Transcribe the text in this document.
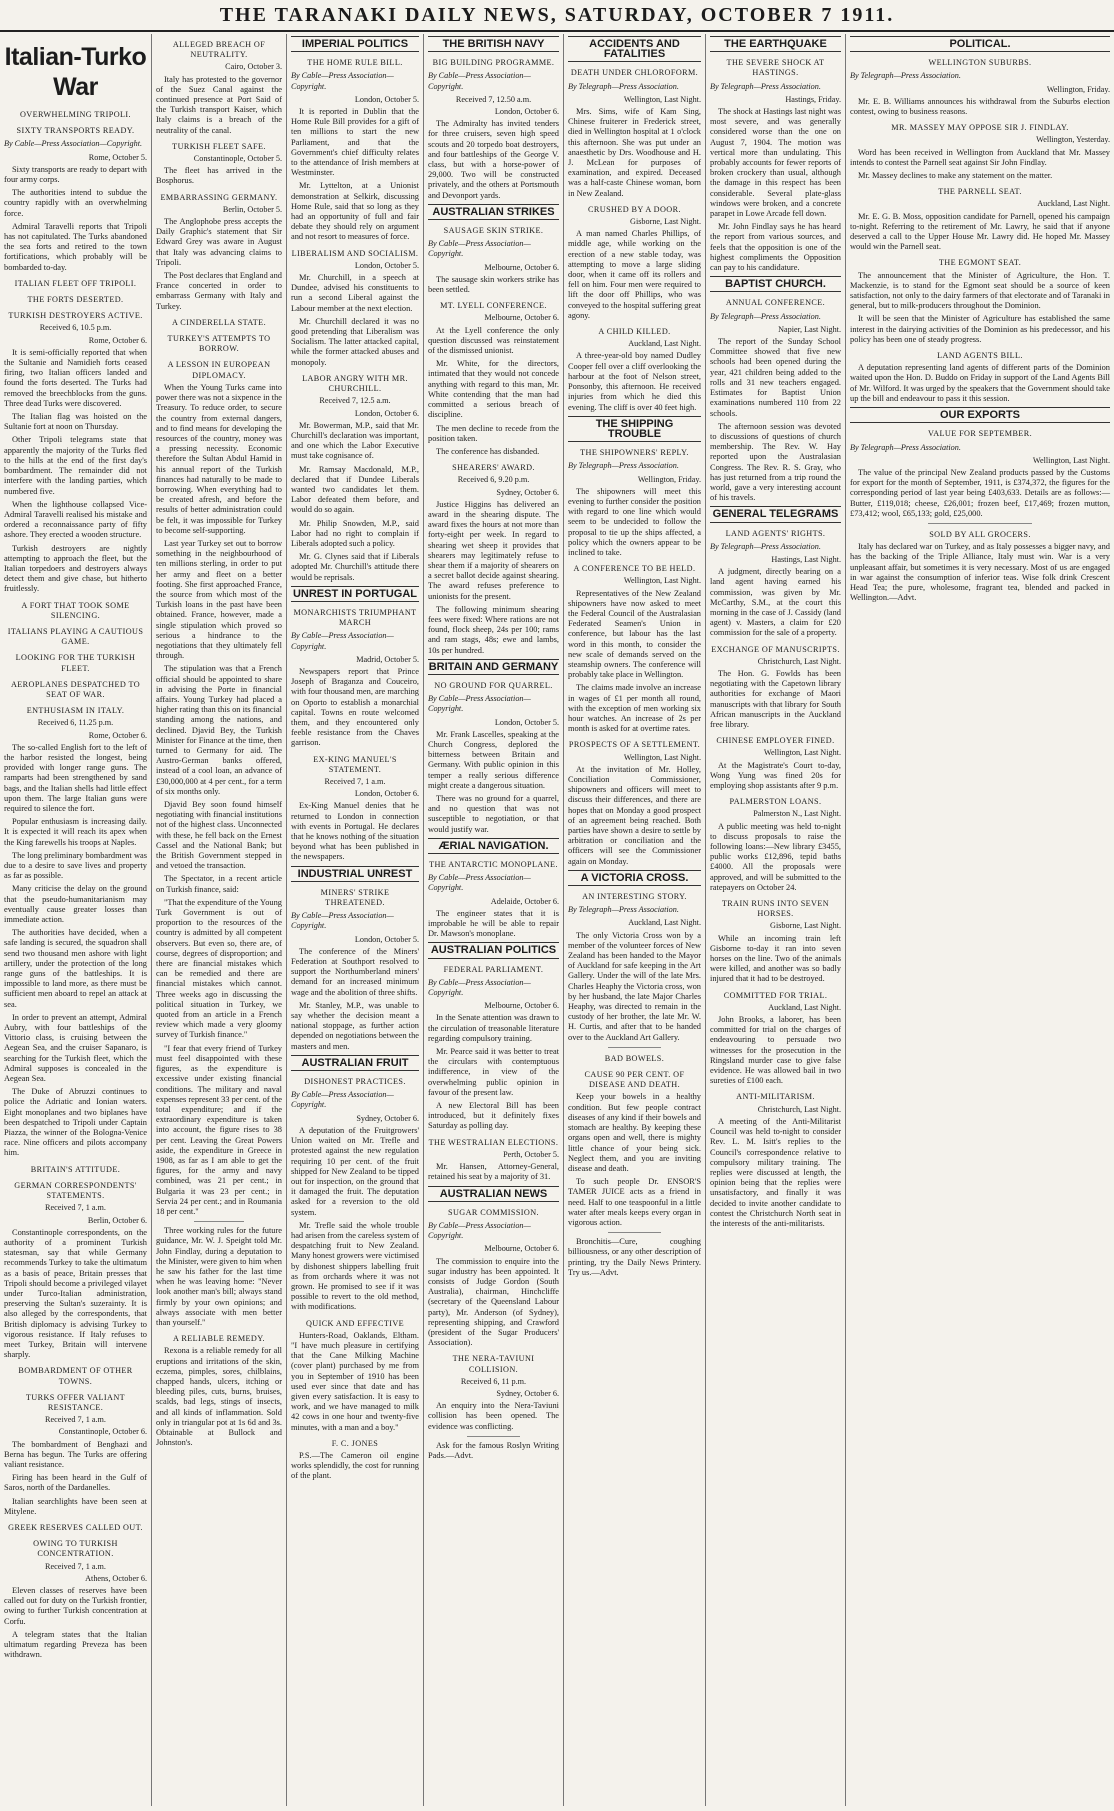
THE TARANAKI DAILY NEWS, SATURDAY, OCTOBER 7 1911.
Italian-Turko War
OVERWHELMING TRIPOLI.
SIXTY TRANSPORTS READY.
By Cable—Press Association—Copyright.
Rome, October 5.

Sixty transports are ready to depart with four army corps.

The authorities intend to subdue the country rapidly with an overwhelming force.

Admiral Taravelli reports that Tripoli has not capitulated. The Turks abandoned the sea forts and retired to the town fortifications, which probably will be bombarded to-day.

ITALIAN FLEET OFF TRIPOLI.
THE FORTS DESERTED.
TURKISH DESTROYERS ACTIVE.
Received 6, 10.5 p.m.
Rome, October 6.

It is semi-officially reported that when the Sultanie and Namidieh forts ceased firing, two Italian officers landed and found the forts deserted. The Turks had removed the breechblocks from the guns. Three dead Turks were discovered.

The Italian flag was hoisted on the Sultanie fort at noon on Thursday.

Other Tripoli telegrams state that apparently the majority of the Turks fled to the hills at the end of the first day's bombardment. The remainder did not interfere with the landing parties, which numbered five.

When the lighthouse collapsed Vice-Admiral Taravelli realised his mistake and ordered a reconnaissance party of fifty ashore. They erected a wooden structure.

Turkish destroyers are nightly attempting to approach the fleet, but the Italian torpedoers and destroyers always detect them and give chase, but hitherto fruitlessly.

A FORT THAT TOOK SOME SILENCING.
ITALIANS PLAYING A CAUTIOUS GAME.
LOOKING FOR THE TURKISH FLEET.
AEROPLANES DESPATCHED TO SEAT OF WAR.
ENTHUSIASM IN ITALY.
Received 6, 11.25 p.m.
Rome, October 6.

The so-called English fort to the left of the harbor resisted the longest, being provided with longer range guns. The ramparts had been strengthened by sand bags, and the Italian shells had little effect upon them. The large Italian guns were required to silence the fort.

Popular enthusiasm is increasing daily. It is expected it will reach its apex when the King farewells his troops at Naples.

The long preliminary bombardment was due to a desire to save lives and property as far as possible.

Many criticise the delay on the ground that the pseudo-humanitarianism may eventually cause greater losses than immediate action.

The authorities have decided, when a safe landing is secured, the squadron shall send two thousand men ashore with light artillery, under the protection of the long range guns of the battleships. It is impossible to land more, as there must be sufficient men aboard to repel an attack at sea.

In order to prevent an attempt, Admiral Aubry, with four battleships of the Vittorio class, is cruising between the Aegean Sea, and the cruiser Sapanaro, is searching for the Turkish fleet, which the Admiral supposes is concealed in the Aegean Sea.

The Duke of Abruzzi continues to police the Adriatic and Ionian waters. Eight monoplanes and two biplanes have been despatched to Tripoli under Captain Piazza, the winner of the Bologna-Venice race. Nine officers and pilots accompany him.

BRITAIN'S ATTITUDE.
GERMAN CORRESPONDENTS' STATEMENTS.
Received 7, 1 a.m.
Berlin, October 6.

Constantinople correspondents, on the authority of a prominent Turkish statesman, say that while Germany recommends Turkey to take the ultimatum as a basis of peace, Britain presses that Tripoli should become a privileged vilayet under Turco-Italian administration, preserving the Sultan's suzerainty. It is also alleged by the correspondents, that British diplomacy is advising Turkey to vigorous resistance. If Italy refuses to meet Turkey, Britain will intervene sharply.

BOMBARDMENT OF OTHER TOWNS.
TURKS OFFER VALIANT RESISTANCE.
Received 7, 1 a.m.
Constantinople, October 6.

The bombardment of Benghazi and Berna has begun. The Turks are offering valiant resistance.

Firing has been heard in the Gulf of Saros, north of the Dardanelles.

Italian searchlights have been seen at Mitylene.

GREEK RESERVES CALLED OUT.
OWING TO TURKISH CONCENTRATION.
Received 7, 1 a.m.
Athens, October 6.

Eleven classes of reserves have been called out for duty on the Turkish frontier, owing to further Turkish concentration at Corfu.

A telegram states that the Italian ultimatum regarding Preveza has been withdrawn.

ALLEGED BREACH OF NEUTRALITY.
Cairo, October 3.

Italy has protested to the governor of the Suez Canal against the continued presence at Port Said of the Turkish transport Kaiser, which Italy claims is a breach of the neutrality of the canal.

TURKISH FLEET SAFE.
Constantinople, October 5.

The fleet has arrived in the Bosphorus.

EMBARRASSING GERMANY.
Berlin, October 5.

The Anglophobe press accepts the Daily Graphic's statement that Sir Edward Grey was aware in August that Italy was advancing claims to Tripoli.

The Post declares that England and France concerted in order to embarrass Germany with Italy and Turkey.

A CINDERELLA STATE.
TURKEY'S ATTEMPTS TO BORROW.
A LESSON IN EUROPEAN DIPLOMACY.

When the Young Turks came into power there was not a sixpence in the Treasury. To reduce order, to secure the country from external dangers, and to find means for developing the resources of the country, money was a pressing necessity. Economic therefore the Sultan Abdul Hamid in his annual report of the Turkish finances had naturally to be made to borrowing. When everything had to be created afresh, and before the results of better administration could be felt, it was impossible for Turkey to become self-supporting.

Last year Turkey set out to borrow something in the neighbourhood of ten millions sterling, in order to put her army and fleet on a better footing. She first approached France, the source from which most of the Turkish loans in the past have been obtained. France, however, made a single stipulation which proved so serious a hindrance to the negotiations that they ultimately fell through.

The stipulation was that a French official should be appointed to share in advising the Porte in financial affairs. Young Turkey had placed a higher rating than this on its financial standing among the nations, and declined. Djavid Bey, the Turkish Minister for Finance at the time, then turned to Germany for aid. The Austro-German banks offered, instead of a cool loan, an advance of £30,000,000 at 4 per cent., for a term of six months only.

Djavid Bey soon found himself negotiating with financial institutions not of the highest class. Unconnected with these, he fell back on the Ernest Cassel and the National Bank; but the British Government stepped in and vetoed the transaction.

The Spectator, in a recent article on Turkish finance, said:

"That the expenditure of the Young Turk Government is out of proportion to the resources of the country is admitted by all competent observers. But even so, there are, of course, degrees of disproportion; and there are financial mistakes which can be remedied and there are financial mistakes which cannot. Three weeks ago in discussing the political situation in Turkey, we quoted from an article in a French review which made a very gloomy survey of Turkish finance."

"I fear that every friend of Turkey must feel disappointed with these figures, as the expenditure is excessive under existing financial conditions. The military and naval expenses represent 33 per cent. of the total expenditure; and if the extraordinary expenditure is taken into account, the figure rises to 38 per cent. Leaving the Great Powers aside, the expenditure in Greece in 1908, as far as I am able to get the figures, for the army and navy combined, was 21 per cent.; in Bulgaria it was 23 per cent.; in Servia 24 per cent.; and in Roumania 18 per cent."

Three working rules for the future guidance, Mr. W. J. Speight told Mr. John Findlay, during a deputation to the Minister, were given to him when he saw his father for the last time when he was leaving home: "Never look another man's bill; always stand firmly by your own opinions; and always associate with men better than yourself."

A RELIABLE REMEDY.

Rexona is a reliable remedy for all eruptions and irritations of the skin, eczema, pimples, sores, chilblains, chapped hands, ulcers, itching or bleeding piles, cuts, burns, bruises, scalds, bad legs, stings of insects, and all kinds of inflammation. Sold only in triangular pot at 1s 6d and 3s. Obtainable at Bullock and Johnston's.

IMPERIAL POLITICS
THE HOME RULE BILL.
By Cable—Press Association—Copyright.
London, October 5.

It is reported in Dublin that the Home Rule Bill provides for a gift of ten millions to start the new Parliament, and that the Government's chief difficulty relates to the attendance of Irish members at Westminster.

Mr. Lyttelton, at a Unionist demonstration at Selkirk, discussing Home Rule, said that so long as they had an opportunity of full and fair debate they should rely on argument and not resort to measures of force.

LIBERALISM AND SOCIALISM.
London, October 5.

Mr. Churchill, in a speech at Dundee, advised his constituents to run a second Liberal against the Labour member at the next election.

Mr. Churchill declared it was no good pretending that Liberalism was Socialism. The latter attacked capital, while the former attacked abuses and monopoly.

LABOR ANGRY WITH MR. CHURCHILL.
Received 7, 12.5 a.m.
London, October 6.

Mr. Bowerman, M.P., said that Mr. Churchill's declaration was important, and one which the Labor Executive must take cognisance of.

Mr. Ramsay Macdonald, M.P., declared that if Dundee Liberals wanted two candidates let them. Labor defeated them before, and would do so again.

Mr. Philip Snowden, M.P., said Labor had no right to complain if Liberals adopted such a policy.

Mr. G. Clynes said that if Liberals adopted Mr. Churchill's attitude there would be reprisals.

UNREST IN PORTUGAL
MONARCHISTS TRIUMPHANT MARCH
By Cable—Press Association—Copyright.
Madrid, October 5.

Newspapers report that Prince Joseph of Braganza and Couceiro, with four thousand men, are marching on Oporto to establish a monarchial capital. Towns en route welcomed them, and they encountered only feeble resistance from the Chaves garrison.

EX-KING MANUEL'S STATEMENT.
Received 7, 1 a.m.
London, October 6.

Ex-King Manuel denies that he returned to London in connection with events in Portugal. He declares that he knows nothing of the situation beyond what has been published in the newspapers.

INDUSTRIAL UNREST
MINERS' STRIKE THREATENED.
By Cable—Press Association—Copyright.
London, October 5.

The conference of the Miners' Federation at Southport resolved to support the Northumberland miners' demand for an increased minimum wage and the abolition of three shifts.

Mr. Stanley, M.P., was unable to say whether the decision meant a national stoppage, as further action depended on negotiations between the masters and men.

AUSTRALIAN FRUIT
DISHONEST PRACTICES.
By Cable—Press Association—Copyright.
Sydney, October 6.

A deputation of the Fruitgrowers' Union waited on Mr. Trefle and protested against the new regulation requiring 10 per cent. of the fruit shipped for New Zealand to be tipped out for inspection, on the ground that it damaged the fruit. The deputation asked for a reversion to the old system.

Mr. Trefle said the whole trouble had arisen from the careless system of despatching fruit to New Zealand. Many honest growers were victimised by dishonest shippers labelling fruit as from orchards where it was not grown. He promised to see if it was possible to revert to the old method, with modifications.

QUICK AND EFFECTIVE

Hunters-Road, Oaklands, Eltham. "I have much pleasure in certifying that the Cane Milking Machine (cover plant) purchased by me from you in September of 1910 has been used ever since that date and has given every satisfaction. It is easy to work, and we have managed to milk 42 cows in one hour and twenty-five minutes, with a man and a boy."

F. C. JONES

P.S.—The Cameron oil engine works splendidly, the cost for running of the plant.

THE BRITISH NAVY
BIG BUILDING PROGRAMME.
By Cable—Press Association—Copyright.
Received 7, 12.50 a.m.
London, October 6.

The Admiralty has invited tenders for three cruisers, seven high speed scouts and 20 torpedo boat destroyers, and four battleships of the George V. class, but with a horse-power of 29,000. Two will be constructed privately, and the others at Portsmouth and Devonport yards.

AUSTRALIAN STRIKES
SAUSAGE SKIN STRIKE.
By Cable—Press Association—Copyright.
Melbourne, October 6.

The sausage skin workers strike has been settled.

MT. LYELL CONFERENCE.
Melbourne, October 6.

At the Lyell conference the only question discussed was reinstatement of the dismissed unionist.

Mr. White, for the directors, intimated that they would not concede anything with regard to this man, Mr. White contending that the man had committed a serious breach of discipline.

The men decline to recede from the position taken.

The conference has disbanded.

SHEARERS' AWARD.
Received 6, 9.20 p.m.
Sydney, October 6.

Justice Higgins has delivered an award in the shearing dispute. The award fixes the hours at not more than forty-eight per week. In regard to shearing wet sheep it provides that shearers may legitimately refuse to shear them if a majority of shearers on a secret ballot decide against shearing. The award refuses preference to unionists for the present.

The following minimum shearing fees were fixed: Where rations are not found, flock sheep, 24s per 100; rams and ram stags, 48s; ewe and lambs, 10s per hundred.

BRITAIN AND GERMANY
NO GROUND FOR QUARREL.
By Cable—Press Association—Copyright.
London, October 5.

Mr. Frank Lascelles, speaking at the Church Congress, deplored the bitterness between Britain and Germany. With public opinion in this temper a really serious difference might create a dangerous situation.

There was no ground for a quarrel, and no question that was not susceptible to negotiation, or that would justify war.

ÆRIAL NAVIGATION.
THE ANTARCTIC MONOPLANE.
By Cable—Press Association—Copyright.
Adelaide, October 6.

The engineer states that it is improbable he will be able to repair Dr. Mawson's monoplane.

AUSTRALIAN POLITICS
FEDERAL PARLIAMENT.
By Cable—Press Association—Copyright.
Melbourne, October 6.

In the Senate attention was drawn to the circulation of treasonable literature regarding compulsory training.

Mr. Pearce said it was better to treat the circulars with contemptuous indifference, in view of the overwhelming public opinion in favour of the present law.

A new Electoral Bill has been introduced, but it definitely fixes Saturday as polling day.

THE WESTRALIAN ELECTIONS.
Perth, October 5.

Mr. Hansen, Attorney-General, retained his seat by a majority of 31.

AUSTRALIAN NEWS
SUGAR COMMISSION.
By Cable—Press Association—Copyright.
Melbourne, October 6.

The commission to enquire into the sugar industry has been appointed. It consists of Judge Gordon (South Australia), chairman, Hinchcliffe (secretary of the Queensland Labour party), Mr. Anderson (of Sydney), representing shipping, and Crawford (president of the Sugar Producers' Association).

THE NERA-TAVIUNI COLLISION.
Received 6, 11 p.m.
Sydney, October 6.

An enquiry into the Nera-Taviuni collision has been opened. The evidence was conflicting.

Ask for the famous Roslyn Writing Pads.—Advt.

ACCIDENTS AND FATALITIES
DEATH UNDER CHLOROFORM.
By Telegraph—Press Association.
Wellington, Last Night.

Mrs. Sims, wife of Kam Sing, Chinese fruiterer in Frederick street, died in Wellington hospital at 1 o'clock this afternoon. She was put under an anaesthetic by Drs. Woodhouse and H. J. McLean for purposes of examination, and expired. Deceased was a half-caste Chinese woman, born in New Zealand.

CRUSHED BY A DOOR.
Gisborne, Last Night.

A man named Charles Phillips, of middle age, while working on the erection of a new stable today, was attempting to move a large sliding door, when it came off its rollers and fell on him. Four men were required to lift the door off Phillips, who was conveyed to the hospital suffering great agony.

A CHILD KILLED.
Auckland, Last Night.

A three-year-old boy named Dudley Cooper fell over a cliff overlooking the harbour at the foot of Nelson street, Ponsonby, this afternoon. He received injuries from which he died this evening. The cliff is over 40 feet high.

THE SHIPPING TROUBLE
THE SHIPOWNERS' REPLY.
By Telegraph—Press Association.
Wellington, Friday.

The shipowners will meet this evening to further consider the position with regard to one line which would seem to be undecided to follow the proposal to tie up the ships affected, a policy which the owners appear to be inclined to take.

A CONFERENCE TO BE HELD.
Wellington, Last Night.

Representatives of the New Zealand shipowners have now asked to meet the Federal Council of the Australasian Federated Seamen's Union in conference, but labour has the last word in this month, to consider the new scale of demands served on the steamship owners. The conference will probably take place in Wellington.

The claims made involve an increase in wages of £1 per month all round, with the exception of men working six hour watches. An increase of 2s per month is asked for at overtime rates.

PROSPECTS OF A SETTLEMENT.
Wellington, Last Night.

At the invitation of Mr. Holley, Conciliation Commissioner, shipowners and officers will meet to discuss their differences, and there are hopes that on Monday a good prospect of an agreement being reached. Both parties have shown a desire to settle by arbitration or conciliation and the officers will see the Commissioner again on Monday.

A VICTORIA CROSS.
AN INTERESTING STORY.
By Telegraph—Press Association.
Auckland, Last Night.

The only Victoria Cross won by a member of the volunteer forces of New Zealand has been handed to the Mayor of Auckland for safe keeping in the Art Gallery. Under the will of the late Mrs. Charles Heaphy the Victoria cross, won by her husband, the late Major Charles Heaphy, was directed to remain in the custody of her brother, the late Mr. W. H. Curtis, and after that to be handed over to the Auckland Art Gallery.

BAD BOWELS.
CAUSE 90 PER CENT. OF DISEASE AND DEATH.

Keep your bowels in a healthy condition. But few people contract diseases of any kind if their bowels and stomach are healthy. By keeping these organs open and well, there is mighty little chance of your being sick. Neglect them, and you are inviting disease and death.

To such people Dr. ENSOR'S TAMER JUICE acts as a friend in need. Half to one teaspoonful in a little water after meals keeps every organ in vigorous action.

Bronchitis—Cure, coughing billiousness, or any other description of printing, try the Daily News Printery. Try us.—Advt.

THE EARTHQUAKE
THE SEVERE SHOCK AT HASTINGS.
By Telegraph—Press Association.
Hastings, Friday.

The shock at Hastings last night was most severe, and was generally considered worse than the one on August 7, 1904. The motion was vertical more than undulating. This probably accounts for fewer reports of broken crockery than usual, although the damage in this respect has been considerable. Several plate-glass windows were broken, and a concrete parapet in Lowe Arcade fell down.

Mr. John Findlay says he has heard the report from various sources, and feels that the opposition is one of the highest compliments the Opposition can pay to his candidature.

BAPTIST CHURCH.
ANNUAL CONFERENCE.
By Telegraph—Press Association.
Napier, Last Night.

The report of the Sunday School Committee showed that five new schools had been opened during the year, 421 children being added to the rolls and 31 new teachers engaged. Estimates for Baptist Union examinations numbered 110 from 22 schools.

The afternoon session was devoted to discussions of questions of church membership. The Rev. W. Hay reported upon the Australasian Congress. The Rev. R. S. Gray, who has just returned from a trip round the world, gave a very interesting account of his travels.

GENERAL TELEGRAMS
LAND AGENTS' RIGHTS.
By Telegraph—Press Association.
Hastings, Last Night.

A judgment, directly bearing on a land agent having earned his commission, was given by Mr. McCarthy, S.M., at the court this morning in the case of J. Cassidy (land agent) v. Masters, a claim for £20 commission for the sale of a property.

EXCHANGE OF MANUSCRIPTS.
Christchurch, Last Night.

The Hon. G. Fowlds has been negotiating with the Capetown library authorities for exchange of Maori manuscripts with that library for South African manuscripts in the Auckland free library.

CHINESE EMPLOYER FINED.
Wellington, Last Night.

At the Magistrate's Court to-day, Wong Yung was fined 20s for employing shop assistants after 9 p.m.

PALMERSTON LOANS.
Palmerston N., Last Night.

A public meeting was held to-night to discuss proposals to raise the following loans:—New library £3455, public works £12,896, tepid baths £4000. All the proposals were approved, and will be submitted to the ratepayers on October 24.

TRAIN RUNS INTO SEVEN HORSES.
Gisborne, Last Night.

While an incoming train left Gisborne to-day it ran into seven horses on the line. Two of the animals were killed, and another was so badly injured that it had to be destroyed.

COMMITTED FOR TRIAL.
Auckland, Last Night.

John Brooks, a laborer, has been committed for trial on the charges of endeavouring to persuade two witnesses for the prosecution in the Ringsland murder case to give false evidence. He was allowed bail in two sureties of £100 each.

ANTI-MILITARISM.
Christchurch, Last Night.

A meeting of the Anti-Militarist Council was held to-night to consider Rev. L. M. Isitt's replies to the Council's correspondence relative to compulsory military training. The replies were discussed at length, the opinion being that the replies were unsatisfactory, and finally it was decided to invite another candidate to contest the Christchurch North seat in the interests of the anti-militarists.

POLITICAL.
WELLINGTON SUBURBS.
By Telegraph—Press Association.
Wellington, Friday.

Mr. E. B. Williams announces his withdrawal from the Suburbs election contest, owing to business reasons.

MR. MASSEY MAY OPPOSE SIR J. FINDLAY.
Wellington, Yesterday.

Word has been received in Wellington from Auckland that Mr. Massey intends to contest the Parnell seat against Sir John Findlay.

Mr. Massey declines to make any statement on the matter.

THE PARNELL SEAT.
Auckland, Last Night.

Mr. E. G. B. Moss, opposition candidate for Parnell, opened his campaign to-night. Referring to the retirement of Mr. Lawry, he said that if anyone deserved a call to the Upper House Mr. Lawry did. He hoped Mr. Massey would win the Parnell seat.

THE EGMONT SEAT.

The announcement that the Minister of Agriculture, the Hon. T. Mackenzie, is to stand for the Egmont seat should be a source of keen satisfaction, not only to the dairy farmers of that electorate and of Taranaki in general, but to milk-producers throughout the Dominion.

It will be seen that the Minister of Agriculture has established the same interest in the dairying activities of the Dominion as his predecessor, and his policy has been one of steady progress.

LAND AGENTS BILL.

A deputation representing land agents of different parts of the Dominion waited upon the Hon. D. Buddo on Friday in support of the Land Agents Bill of Mr. Wilford. It was urged by the speakers that the Government should take up the bill and endeavour to pass it this session.

OUR EXPORTS
VALUE FOR SEPTEMBER.
By Telegraph—Press Association.
Wellington, Last Night.

The value of the principal New Zealand products passed by the Customs for export for the month of September, 1911, is £374,372, the figures for the corresponding period of last year being £403,633. Details are as follows:—Butter, £119,018; cheese, £26,001; frozen beef, £17,469; frozen mutton, £73,412; wool, £65,133; gold, £25,000.

SOLD BY ALL GROCERS.

Italy has declared war on Turkey, and as Italy possesses a bigger navy, and has the backing of the Triple Alliance, Italy must win. War is a very unpleasant affair, but sometimes it is very necessary. Most of us are engaged in war against the consumption of inferior teas. Wise folk drink Crescent Head Tea; the pure, wholesome, fragrant tea, blended and packed in Wellington.—Advt.
